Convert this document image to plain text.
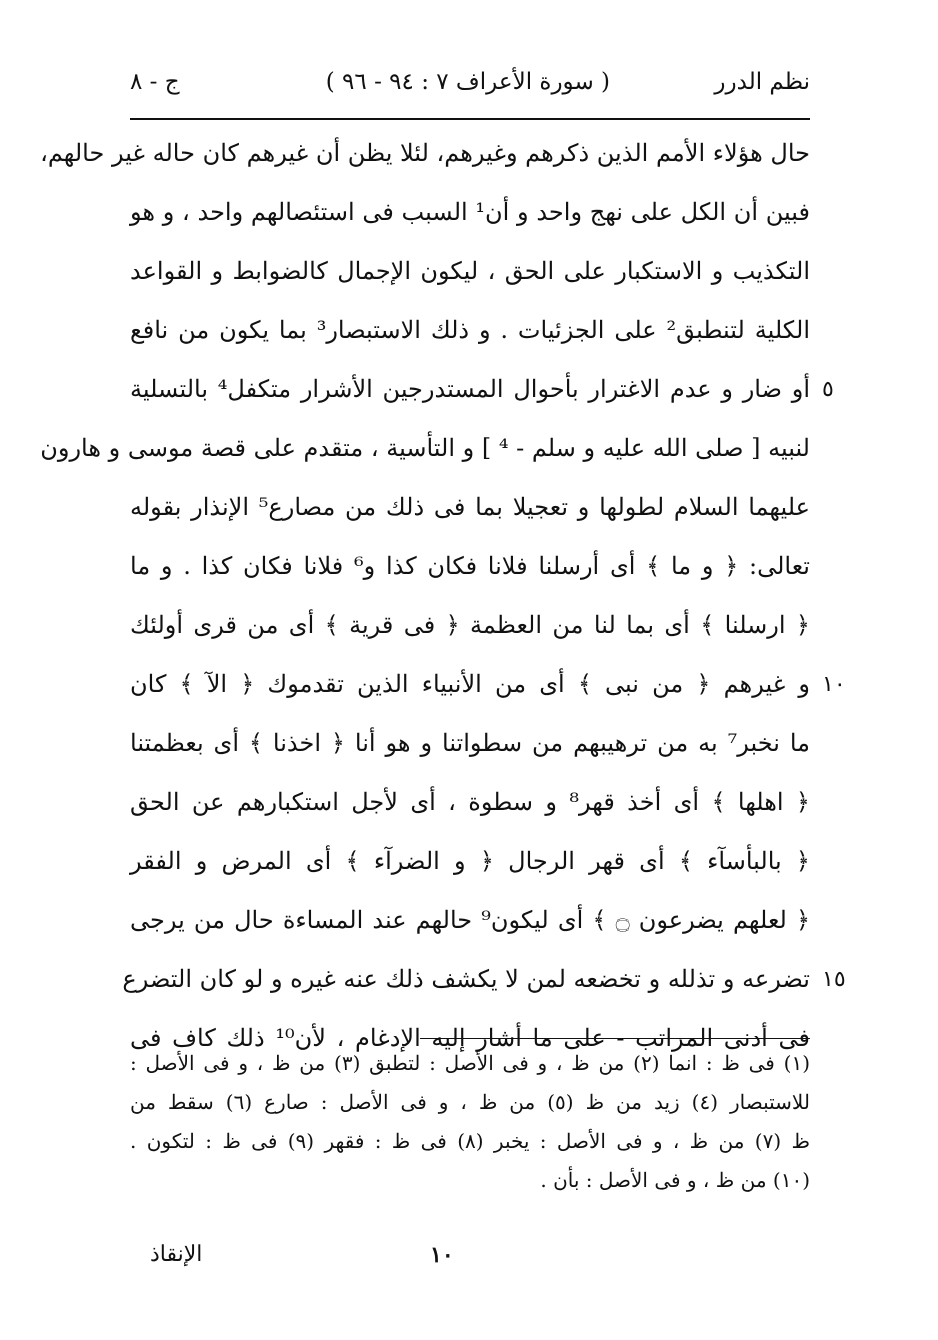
نظم الدرر
( سورة الأعراف ٧ : ٩٤ - ٩٦ )
ج - ٨
حال هؤلاء الأمم الذين ذكرهم وغيرهم، لئلا يظن أن غيرهم كان حاله غير حالهم،
فبين أن الكل على نهج واحد و أن¹ السبب فى استئصالهم واحد ، و هو
التكذيب و الاستكبار على الحق ، ليكون الإجمال كالضوابط و القواعد
الكلية لتنطبق² على الجزئيات . و ذلك الاستبصار³ بما يكون من نافع
٥
أو ضار و عدم الاغترار بأحوال المستدرجين الأشرار متكفل⁴ بالتسلية
لنبيه [ صلى الله عليه و سلم - ⁴ ] و التأسية ، متقدم على قصة موسى و هارون
عليهما السلام لطولها و تعجيلا بما فى ذلك من مصارع⁵ الإنذار بقوله
تعالى: ﴿ و ما ﴾ أى أرسلنا فلانا فكان كذا و⁶ فلانا فكان كذا . و ما
﴿ ارسلنا ﴾ أى بما لنا من العظمة ﴿ فى قرية ﴾ أى من قرى أولئك
١٠
و غيرهم ﴿ من نبى ﴾ أى من الأنبياء الذين تقدموك ﴿ الآ ﴾ كان
ما نخبر⁷ به من ترهيبهم من سطواتنا و هو أنا ﴿ اخذنا ﴾ أى بعظمتنا
﴿ اهلها ﴾ أى أخذ قهر⁸ و سطوة ، أى لأجل استكبارهم عن الحق
﴿ بالبأسآء ﴾ أى قهر الرجال ﴿ و الضرآء ﴾ أى المرض و الفقر
﴿ لعلهم يضرعون ۝ ﴾ أى ليكون⁹ حالهم عند المساءة حال من يرجى
١٥
تضرعه و تذلله و تخضعه لمن لا يكشف ذلك عنه غيره و لو كان التضرع
فى أدنى المراتب - على ما أشار إليه الإدغام ، لأن¹⁰ ذلك كاف فى
(١) فى ظ : انما (٢) من ظ ، و فى الأصل : لتطبق (٣) من ظ ، و فى الأصل :
للاستبصار (٤) زيد من ظ (٥) من ظ ، و فى الأصل : صارع (٦) سقط من
ظ (٧) من ظ ، و فى الأصل : يخبر (٨) فى ظ : فقهر (٩) فى ظ : لتكون .
(١٠) من ظ ، و فى الأصل : بأن .
الإنقاذ	١٠
